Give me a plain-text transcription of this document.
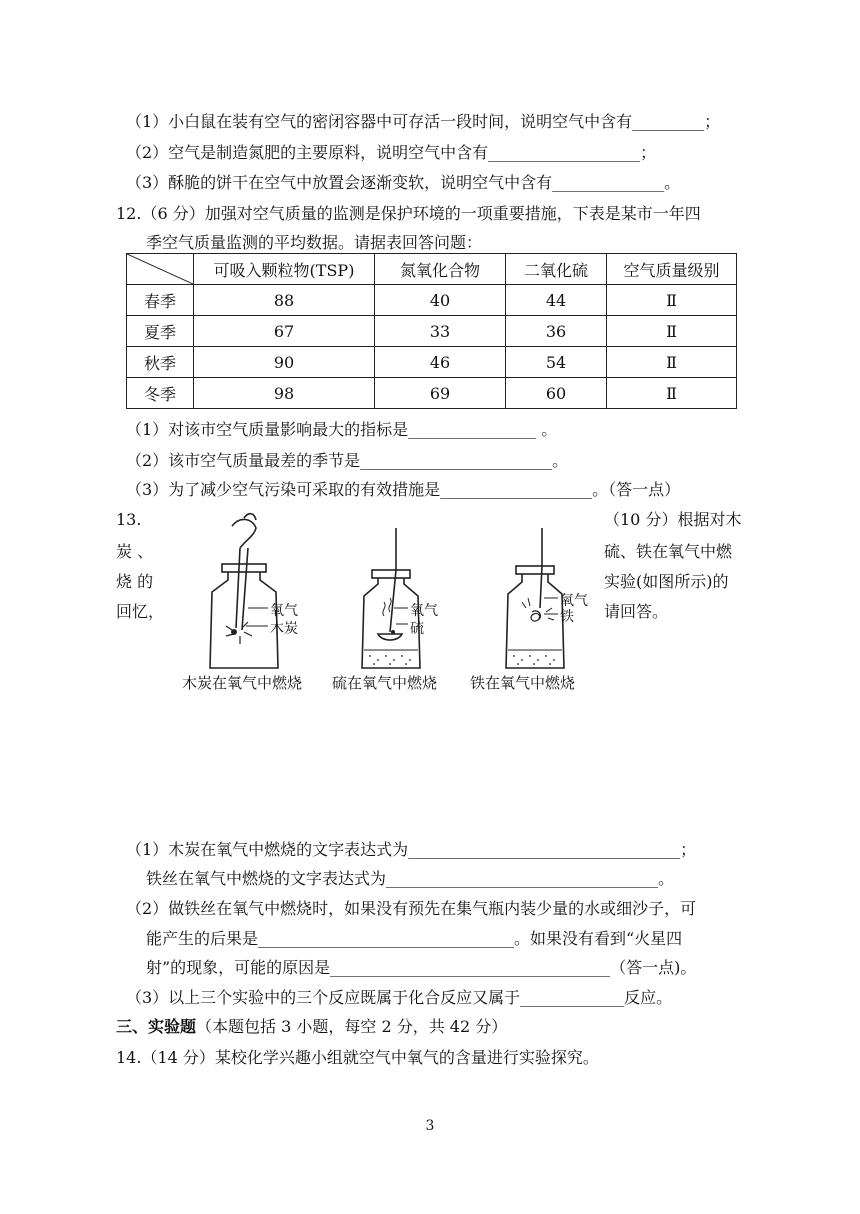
（1）小白鼠在装有空气的密闭容器中可存活一段时间，说明空气中含有_________；
（2）空气是制造氮肥的主要原料，说明空气中含有___________________；
（3）酥脆的饼干在空气中放置会逐渐变软，说明空气中含有______________。
12.（6 分）加强对空气质量的监测是保护环境的一项重要措施，下表是某市一年四
季空气质量监测的平均数据。请据表回答问题：
	可吸入颗粒物(TSP)	氮氧化合物	二氧化硫	空气质量级别
春季	88	40	44	Ⅱ
夏季	67	33	36	Ⅱ
秋季	90	46	54	Ⅱ
冬季	98	69	60	Ⅱ
（1）对该市空气质量影响最大的指标是________________ 。
（2）该市空气质量最差的季节是________________________。
（3）为了减少空气污染可采取的有效措施是___________________。（答一点）
13.
炭 、
烧 的
回忆，
（10 分）根据对木
硫、铁在氧气中燃
实验(如图所示)的
请回答。
氧气
木炭
氧气
硫
氧气
铁
木炭在氧气中燃烧 硫在氧气中燃烧 铁在氧气中燃烧
（1）木炭在氧气中燃烧的文字表达式为__________________________________；
铁丝在氧气中燃烧的文字表达式为__________________________________。
（2）做铁丝在氧气中燃烧时，如果没有预先在集气瓶内装少量的水或细沙子，可
能产生的后果是________________________________。如果没有看到“火星四
射”的现象，可能的原因是___________________________________（答一点)。
（3）以上三个实验中的三个反应既属于化合反应又属于_____________反应。
三、实验题（本题包括 3 小题，每空 2 分，共 42 分）
14.（14 分）某校化学兴趣小组就空气中氧气的含量进行实验探究。
3
